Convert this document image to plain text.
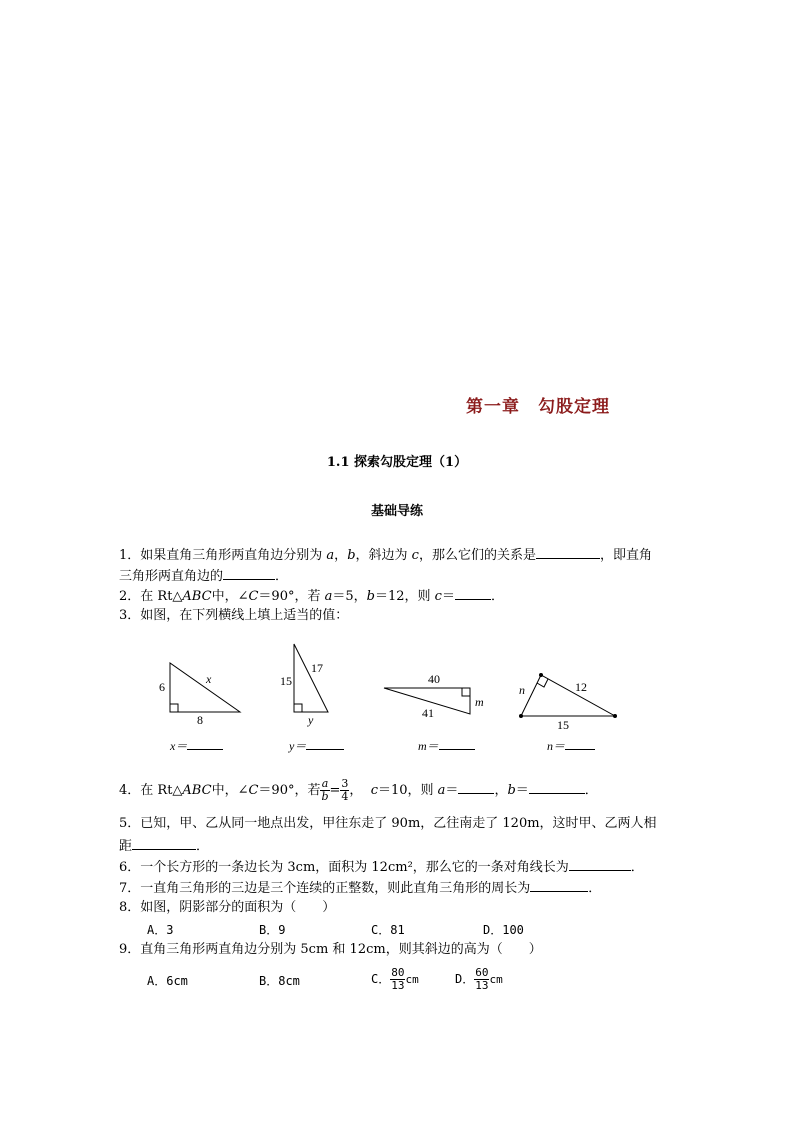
第一章　勾股定理
1.1 探索勾股定理（1）
基础导练
1．如果直角三角形两直角边分别为 a，b，斜边为 c，那么它们的关系是	，即直角
三角形两直角边的	．
2．在 Rt△ABC中，∠C＝90°，若 a＝5，b＝12，则 c＝	．
3．如图，在下列横线上填上适当的值：
6
8
x	15
17
y
40
m
41
n	12
15
x＝	y＝	m＝	n＝
4．在 Rt△ABC中，∠C＝90°，若 $\frac{a}{b} = \frac{3}{4}$ ，  c＝10，则 a＝	，b＝	．
5．已知，甲、乙从同一地点出发，甲往东走了 90m，乙往南走了 120m，这时甲、乙两人相
距	．
6．一个长方形的一条边长为 3cm，面积为 12cm²，那么它的一条对角线长为	．
7．一直角三角形的三边是三个连续的正整数，则此直角三角形的周长为	．
8．如图，阴影部分的面积为（　　）
A．3	B．9	C．81	D．100
9．直角三角形两直角边分别为 5cm 和 12cm，则其斜边的高为（　　）
A．6cm	B．8cm	C． $\frac{80}{13}$ cm	D． $\frac{60}{13}$ cm
